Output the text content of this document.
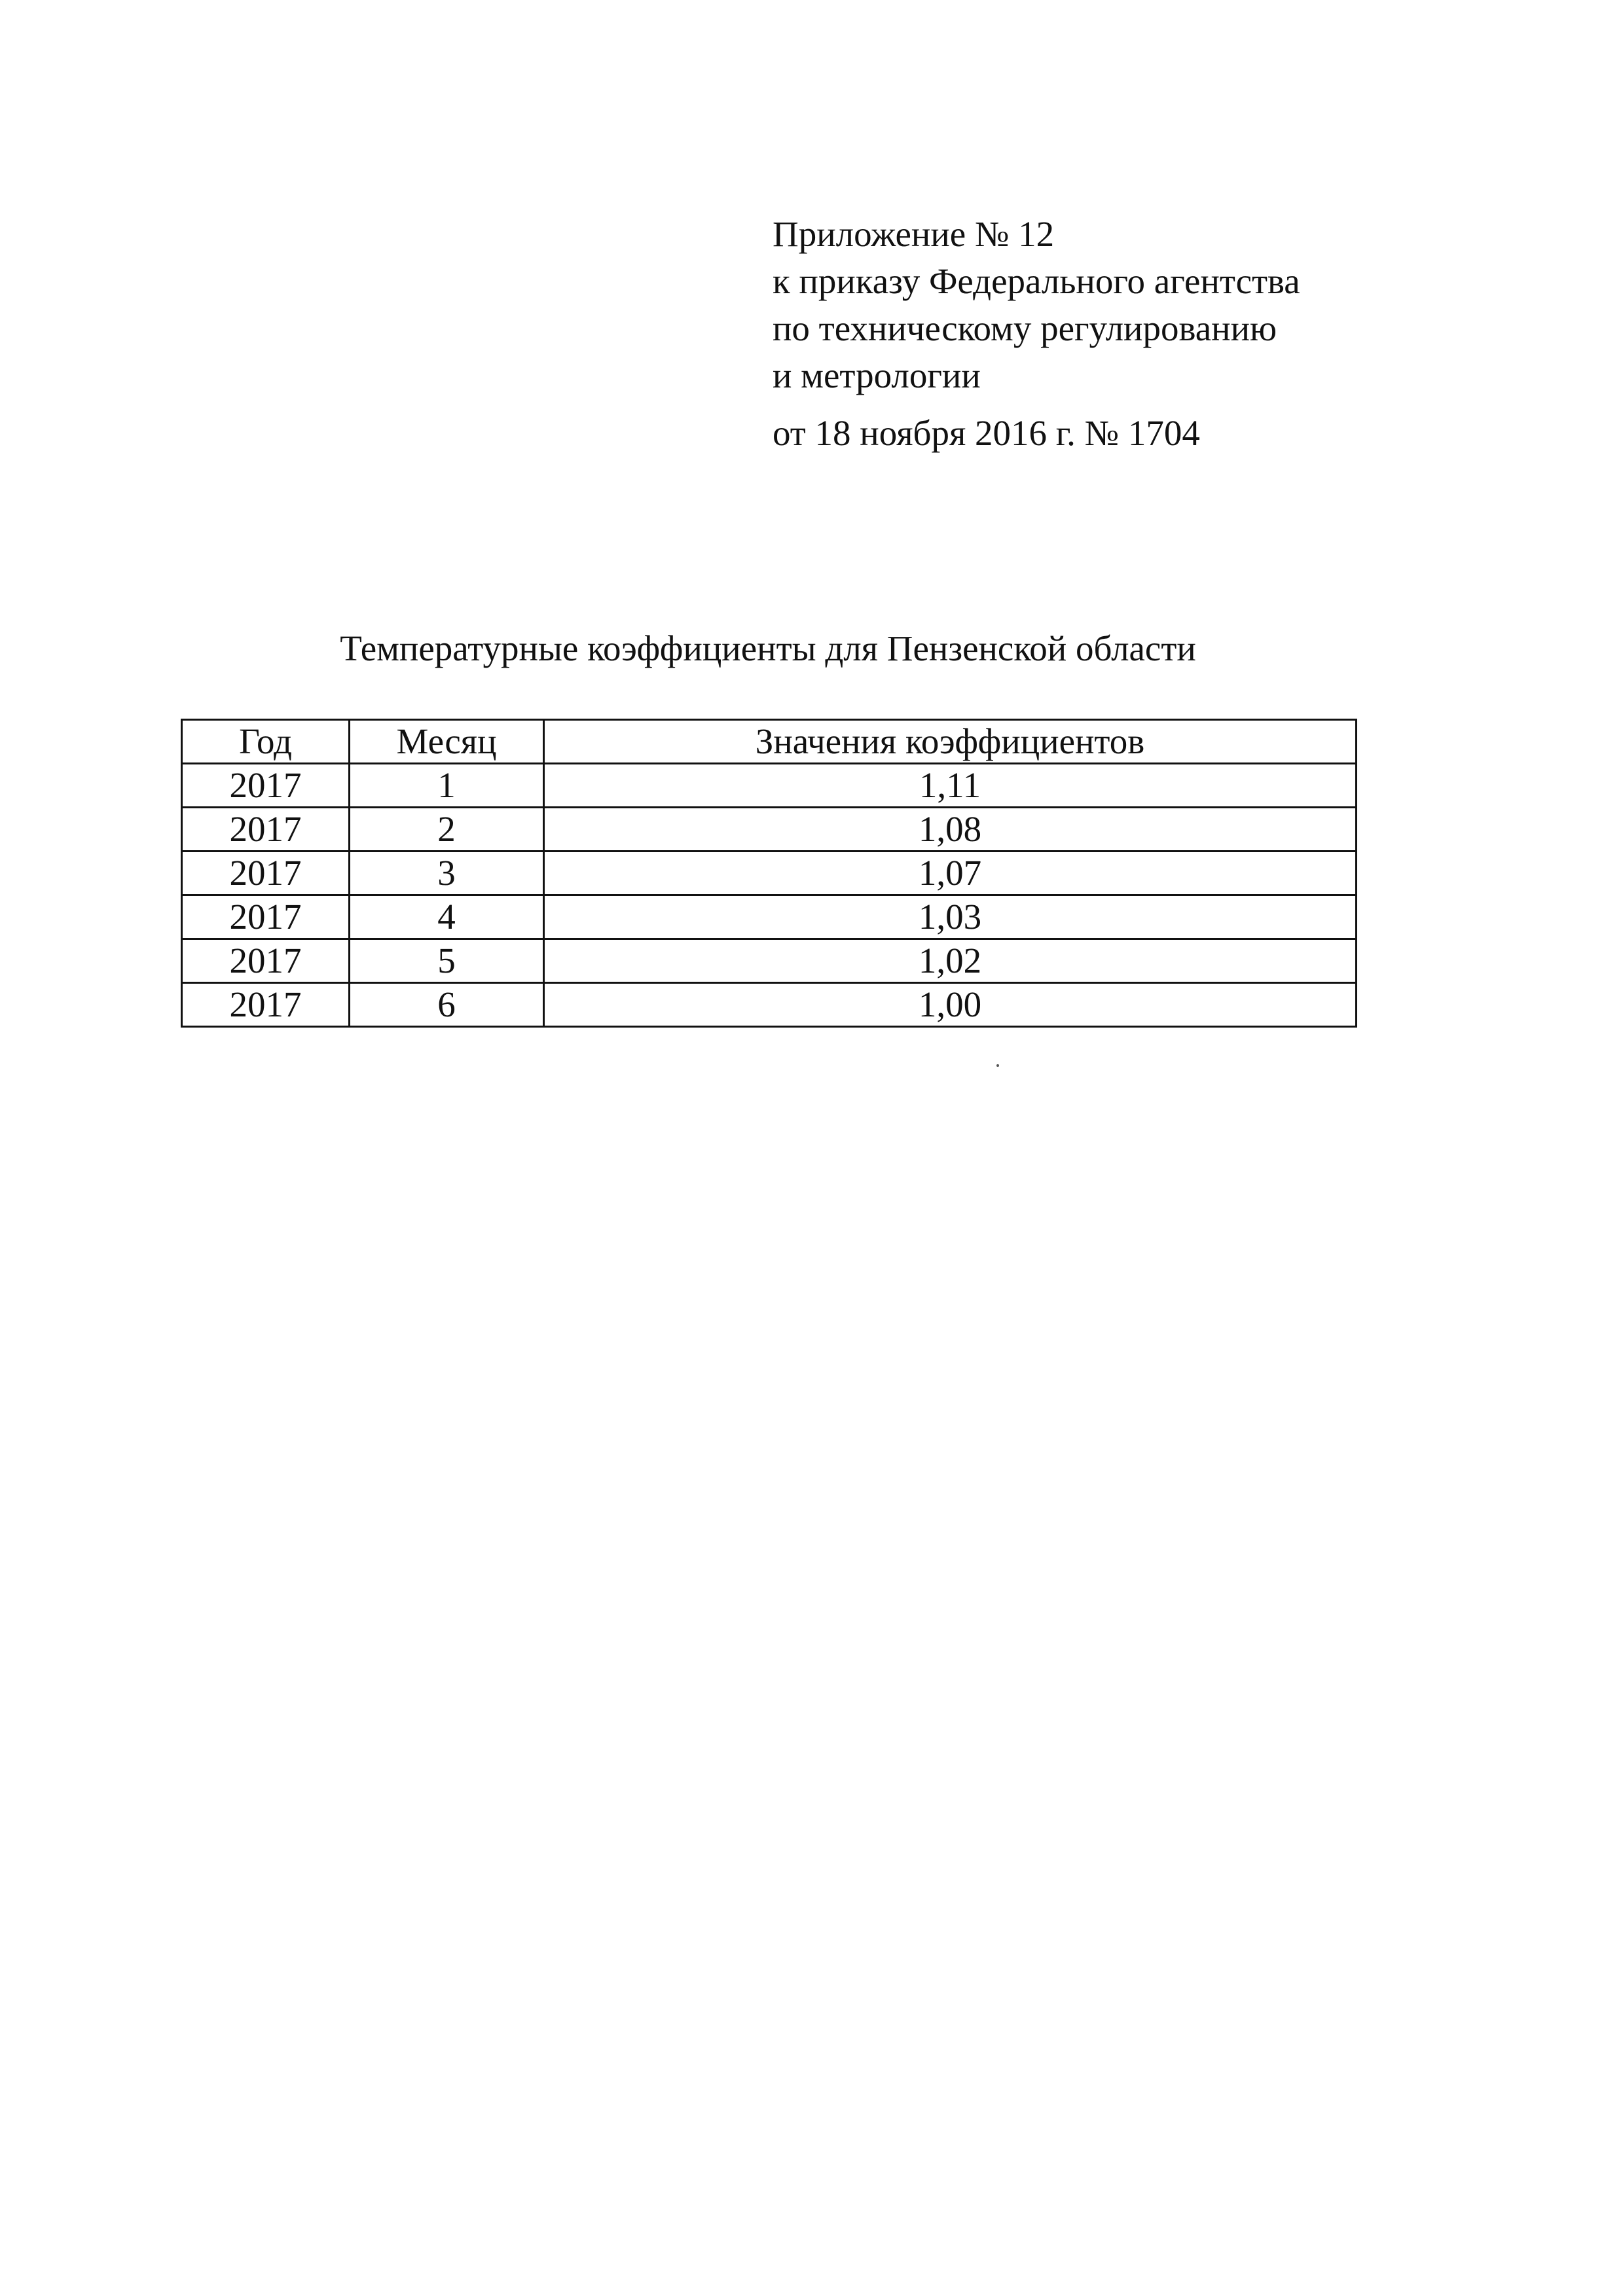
Приложение № 12
к приказу Федерального агентства
по техническому регулированию
и метрологии
от 18 ноября 2016 г. № 1704
Температурные коэффициенты для Пензенской области
Год	Месяц	Значения коэффициентов
2017	1	1,11
2017	2	1,08
2017	3	1,07
2017	4	1,03
2017	5	1,02
2017	6	1,00
